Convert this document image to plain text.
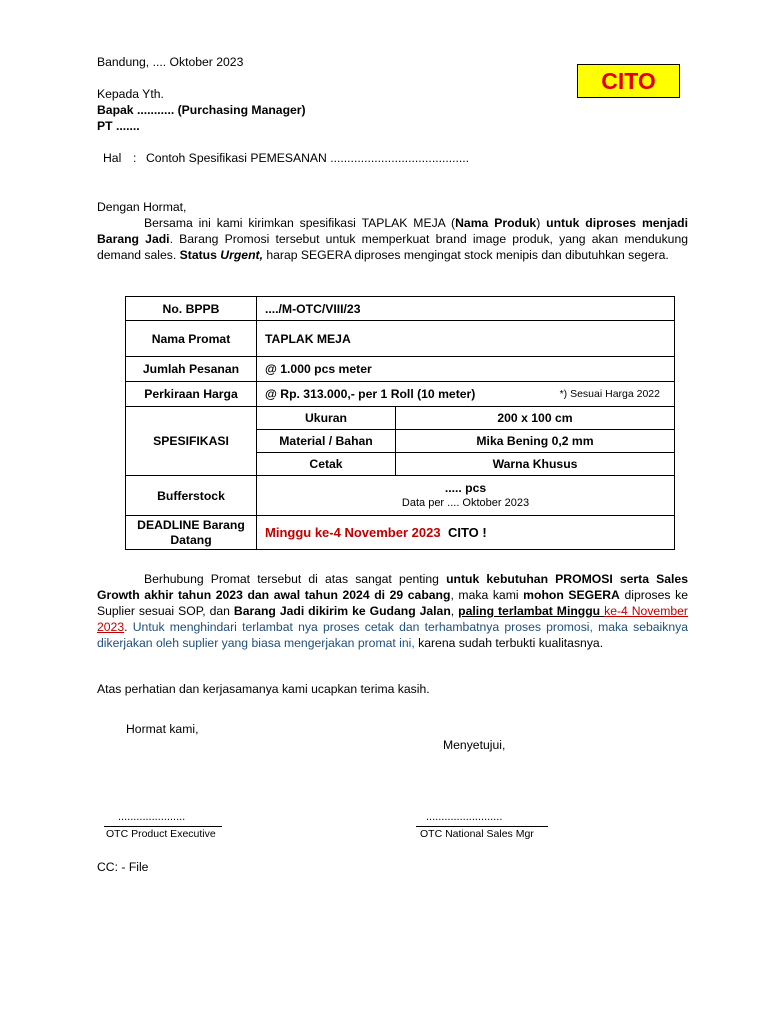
Bandung, .... Oktober 2023
CITO
Kepada Yth.
Bapak ........... (Purchasing Manager)
PT .......
Hal : Contoh Spesifikasi PEMESANAN .........................................
Dengan Hormat,
Bersama ini kami kirimkan spesifikasi TAPLAK MEJA (Nama Produk) untuk diproses menjadi Barang Jadi. Barang Promosi tersebut untuk memperkuat brand image produk, yang akan mendukung demand sales. Status Urgent, harap SEGERA diproses mengingat stock menipis dan dibutuhkan segera.
No. BPPB	..../M-OTC/VIII/23	
Nama Promat	TAPLAK MEJA	
Jumlah Pesanan	@ 1.000 pcs meter	
Perkiraan Harga	@ Rp. 313.000,- per 1 Roll (10 meter) *) Sesuai Harga 2022	

SPESIFIKASI	Ukuran	200 x 100 cm
	Material / Bahan	Mika Bening 0,2 mm
	Cetak	Warna Khusus
Bufferstock	..... pcs
Data per .... Oktober 2023	

DEADLINE Barang Datang	Minggu ke-4 November 2023 CITO !	
Berhubung Promat tersebut di atas sangat penting untuk kebutuhan PROMOSI serta Sales Growth akhir tahun 2023 dan awal tahun 2024 di 29 cabang, maka kami mohon SEGERA diproses ke Suplier sesuai SOP, dan Barang Jadi dikirim ke Gudang Jalan, paling terlambat Minggu ke-4 November 2023. Untuk menghindari terlambat nya proses cetak dan terhambatnya proses promosi, maka sebaiknya dikerjakan oleh suplier yang biasa mengerjakan promat ini, karena sudah terbukti kualitasnya.
Atas perhatian dan kerjasamanya kami ucapkan terima kasih.
Hormat kami,
Menyetujui,
......................
OTC Product Executive
.........................
OTC National Sales Mgr
CC: - File
